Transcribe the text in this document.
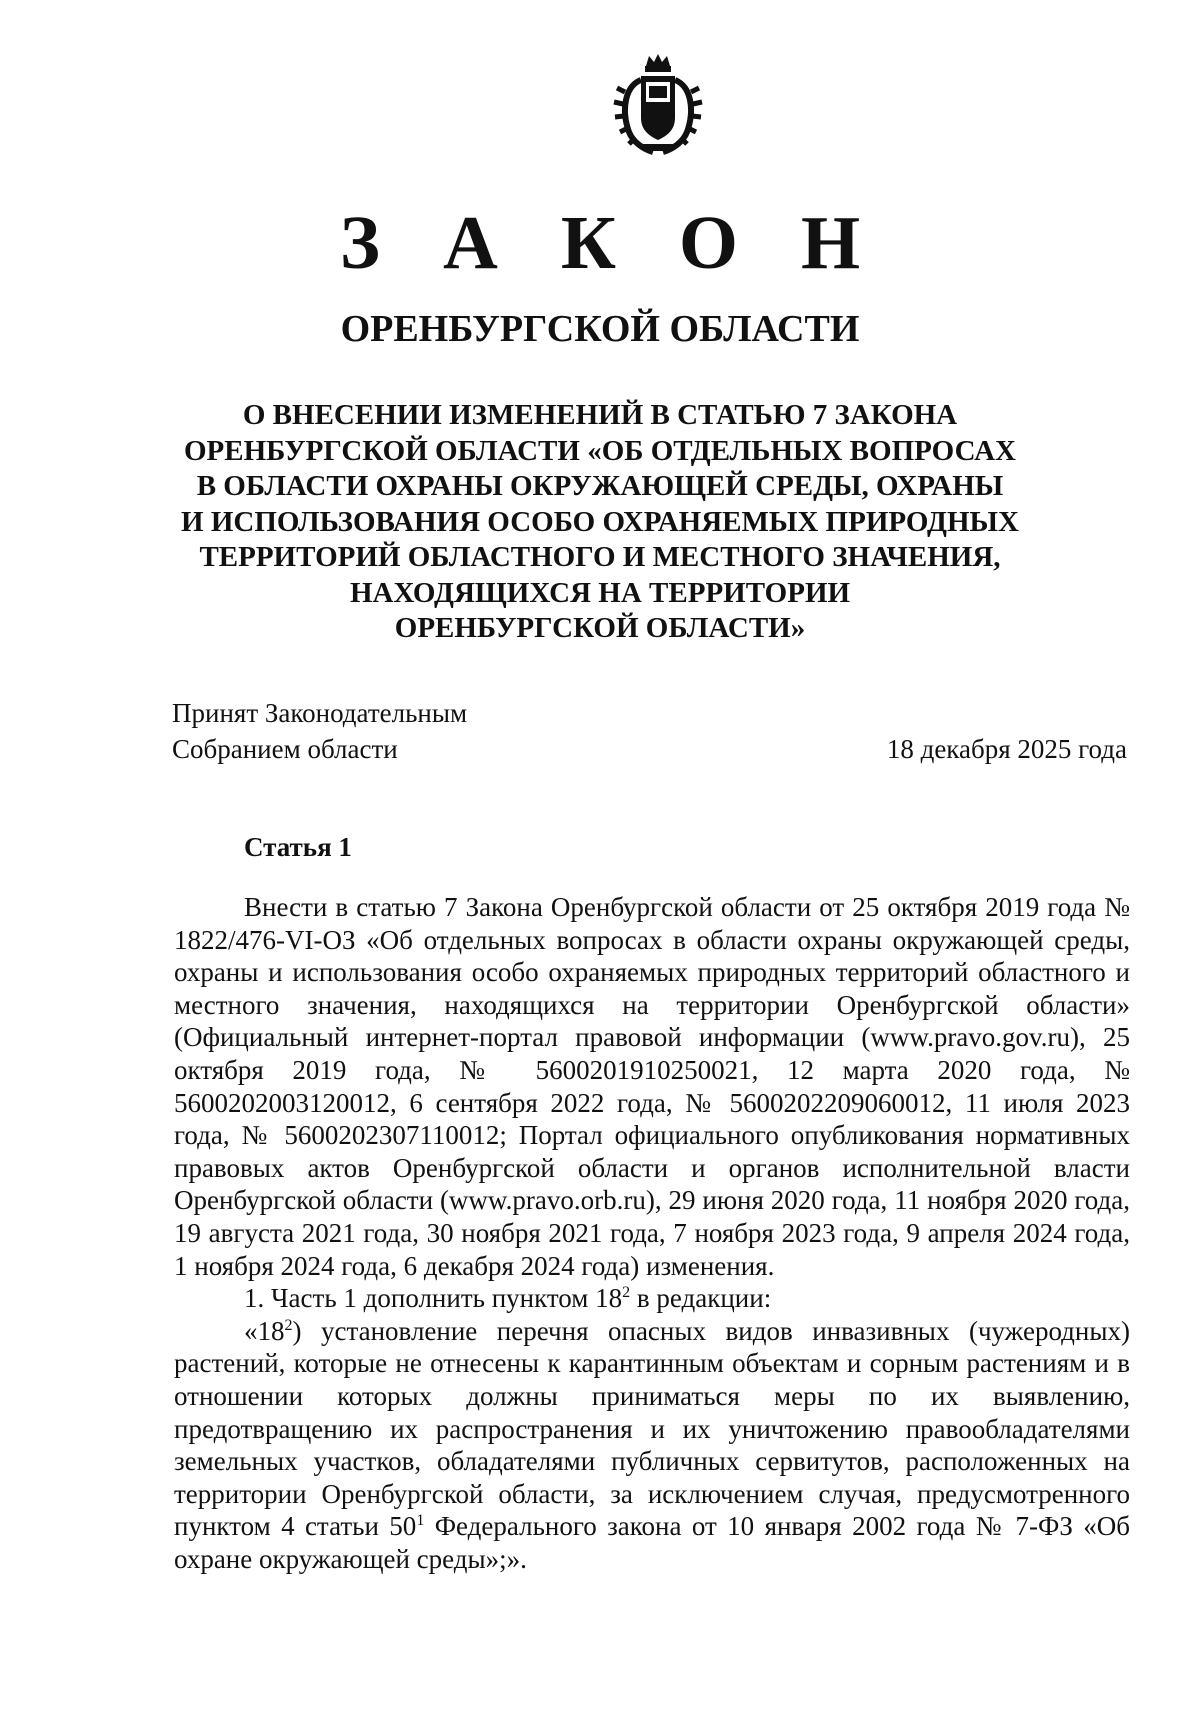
З А К О Н
ОРЕНБУРГСКОЙ ОБЛАСТИ
О ВНЕСЕНИИ ИЗМЕНЕНИЙ В СТАТЬЮ 7 ЗАКОНА
ОРЕНБУРГСКОЙ ОБЛАСТИ «ОБ ОТДЕЛЬНЫХ ВОПРОСАХ
В ОБЛАСТИ ОХРАНЫ ОКРУЖАЮЩЕЙ СРЕДЫ, ОХРАНЫ
И ИСПОЛЬЗОВАНИЯ ОСОБО ОХРАНЯЕМЫХ ПРИРОДНЫХ
ТЕРРИТОРИЙ ОБЛАСТНОГО И МЕСТНОГО ЗНАЧЕНИЯ,
НАХОДЯЩИХСЯ НА ТЕРРИТОРИИ
ОРЕНБУРГСКОЙ ОБЛАСТИ»
Принят Законодательным
Собранием области	18 декабря 2025 года
Статья 1
Внести в статью 7 Закона Оренбургской области от 25 октября 2019 года № 1822/476-VI-ОЗ «Об отдельных вопросах в области охраны окружающей среды, охраны и использования особо охраняемых природных территорий областного и местного значения, находящихся на территории Оренбургской области» (Официальный интернет-портал правовой информации (www.pravo.gov.ru), 25 октября 2019 года, № 5600201910250021, 12 марта 2020 года, № 5600202003120012, 6 сентября 2022 года, № 5600202209060012, 11 июля 2023 года, № 5600202307110012; Портал официального опубликования нормативных правовых актов Оренбургской области и органов исполнительной власти Оренбургской области (www.pravo.orb.ru), 29 июня 2020 года, 11 ноября 2020 года, 19 августа 2021 года, 30 ноября 2021 года, 7 ноября 2023 года, 9 апреля 2024 года, 1 ноября 2024 года, 6 декабря 2024 года) изменения.
1. Часть 1 дополнить пунктом $18^2$ в редакции:
«$18^2$) установление перечня опасных видов инвазивных (чужеродных) растений, которые не отнесены к карантинным объектам и сорным растениям и в отношении которых должны приниматься меры по их выявлению, предотвращению их распространения и их уничтожению правообладателями земельных участков, обладателями публичных сервитутов, расположенных на территории Оренбургской области, за исключением случая, предусмотренного пунктом 4 статьи $50^1$ Федерального закона от 10 января 2002 года № 7-ФЗ «Об охране окружающей среды»;».
